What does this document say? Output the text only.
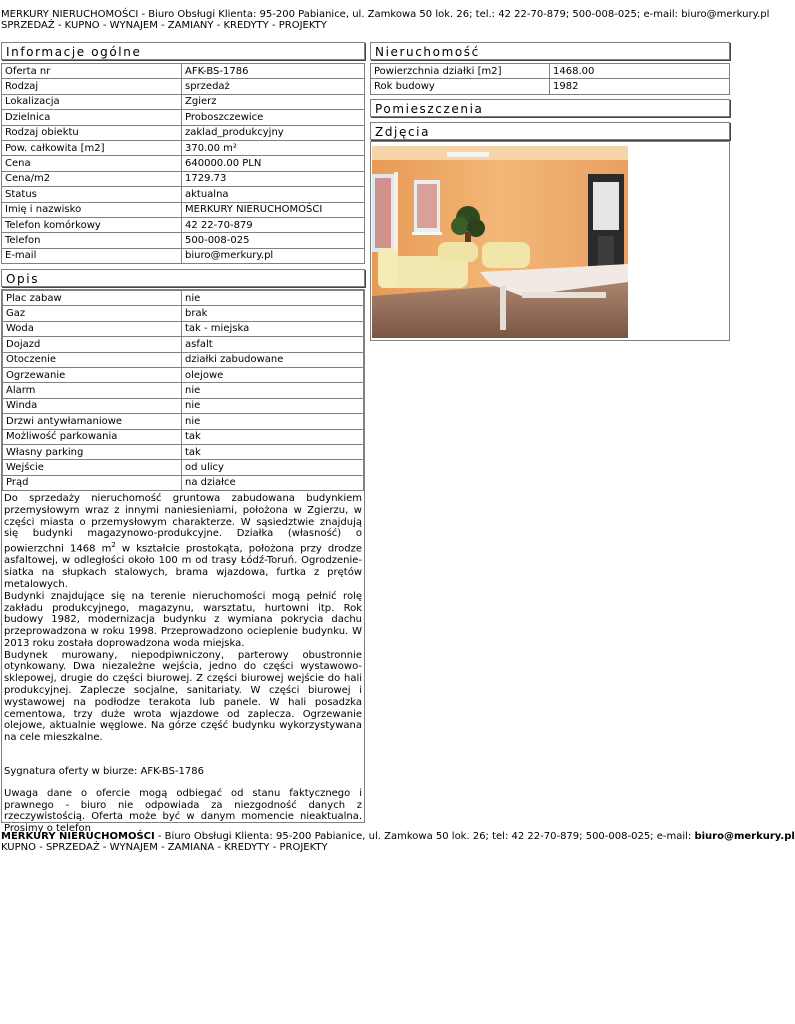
MERKURY NIERUCHOMOŚCI - Biuro Obsługi Klienta: 95-200 Pabianice, ul. Zamkowa 50 lok. 26; tel.: 42 22-70-879; 500-008-025; e-mail: biuro@merkury.pl
SPRZEDAŻ - KUPNO - WYNAJEM - ZAMIANY - KREDYTY - PROJEKTY
Informacje ogólne
Oferta nr	AFK-BS-1786
Rodzaj	sprzedaż
Lokalizacja	Zgierz
Dzielnica	Proboszczewice
Rodzaj obiektu	zaklad_produkcyjny
Pow. całkowita [m2]	370.00 m²
Cena	640000.00 PLN
Cena/m2	1729.73
Status	aktualna
Imię i nazwisko	MERKURY NIERUCHOMOŚCI
Telefon komórkowy	42 22-70-879
Telefon	500-008-025
E-mail	biuro@merkury.pl
Opis
Plac zabaw	nie
Gaz	brak
Woda	tak - miejska
Dojazd	asfalt
Otoczenie	działki zabudowane
Ogrzewanie	olejowe
Alarm	nie
Winda	nie
Drzwi antywłamaniowe	nie
Możliwość parkowania	tak
Własny parking	tak
Wejście	od ulicy
Prąd	na działce

Do sprzedaży nieruchomość gruntowa zabudowana budynkiem przemysłowym wraz z innymi naniesieniami, położona w Zgierzu, w części miasta o przemysłowym charakterze. W sąsiedztwie znajdują się budynki magazynowo-produkcyjne. Działka (własność) o powierzchni 1468 $m^2$ w kształcie prostokąta, położona przy drodze asfaltowej, w odległości około 100 m od trasy Łódź-Toruń. Ogrodzenie- siatka na słupkach stalowych, brama wjazdowa, furtka z prętów metalowych.

Budynki znajdujące się na terenie nieruchomości mogą pełnić rolę zakładu produkcyjnego, magazynu, warsztatu, hurtowni itp. Rok budowy 1982, modernizacja budynku z wymiana pokrycia dachu przeprowadzona w roku 1998. Przeprowadzono ocieplenie budynku. W 2013 roku została doprowadzona woda miejska.

Budynek murowany, niepodpiwniczony, parterowy obustronnie otynkowany. Dwa niezależne wejścia, jedno do części wystawowo-sklepowej, drugie do części biurowej. Z części biurowej wejście do hali produkcyjnej. Zaplecze socjalne, sanitariaty. W części biurowej i wystawowej na podłodze terakota lub panele. W hali posadzka cementowa, trzy duże wrota wjazdowe od zaplecza. Ogrzewanie olejowe, aktualnie węglowe. Na górze część budynku wykorzystywana na cele mieszkalne.

Sygnatura oferty w biurze: AFK-BS-1786

Uwaga dane o ofercie mogą odbiegać od stanu faktycznego i prawnego - biuro nie odpowiada za niezgodność danych z rzeczywistością. Oferta może być w danym momencie nieaktualna. Prosimy o telefon

Nieruchomość
Powierzchnia działki [m2]	1468.00
Rok budowy	1982
Pomieszczenia
Zdjęcia
MERKURY NIERUCHOMOŚCI - Biuro Obsługi Klienta: 95-200 Pabianice, ul. Zamkowa 50 lok. 26; tel: 42 22-70-879; 500-008-025; e-mail: biuro@merkury.pl
KUPNO - SPRZEDAŻ - WYNAJEM - ZAMIANA - KREDYTY - PROJEKTY
